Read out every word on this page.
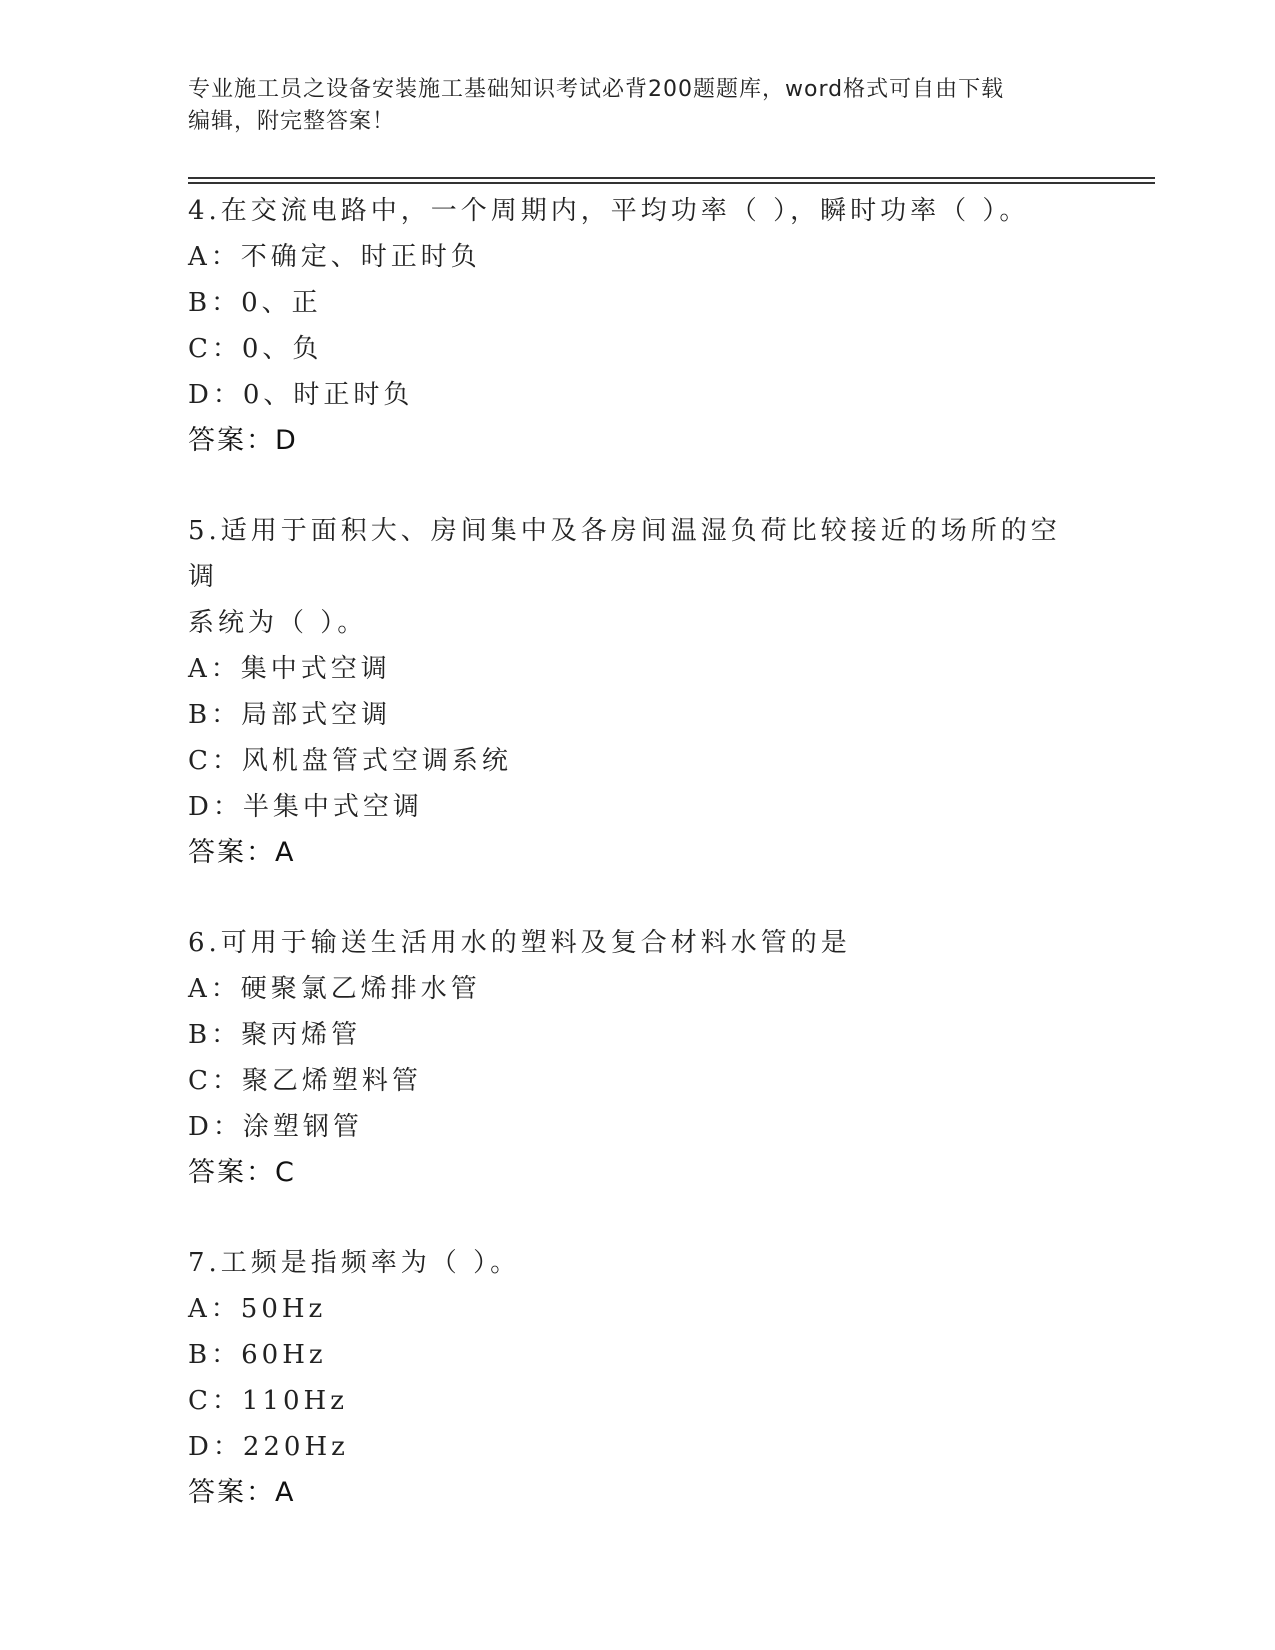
专业施工员之设备安装施工基础知识考试必背200题题库，word格式可自由下载
编辑，附完整答案！
4.在交流电路中，一个周期内，平均功率（ ），瞬时功率（ ）。
A：不确定、时正时负
B：0、正
C：0、负
D：0、时正时负
答案：D
5.适用于面积大、房间集中及各房间温湿负荷比较接近的场所的空调
系统为（ ）。
A：集中式空调
B：局部式空调
C：风机盘管式空调系统
D：半集中式空调
答案：A
6.可用于输送生活用水的塑料及复合材料水管的是
A：硬聚氯乙烯排水管
B：聚丙烯管
C：聚乙烯塑料管
D：涂塑钢管
答案：C
7.工频是指频率为（ ）。
A：50Hz
B：60Hz
C：110Hz
D：220Hz
答案：A
